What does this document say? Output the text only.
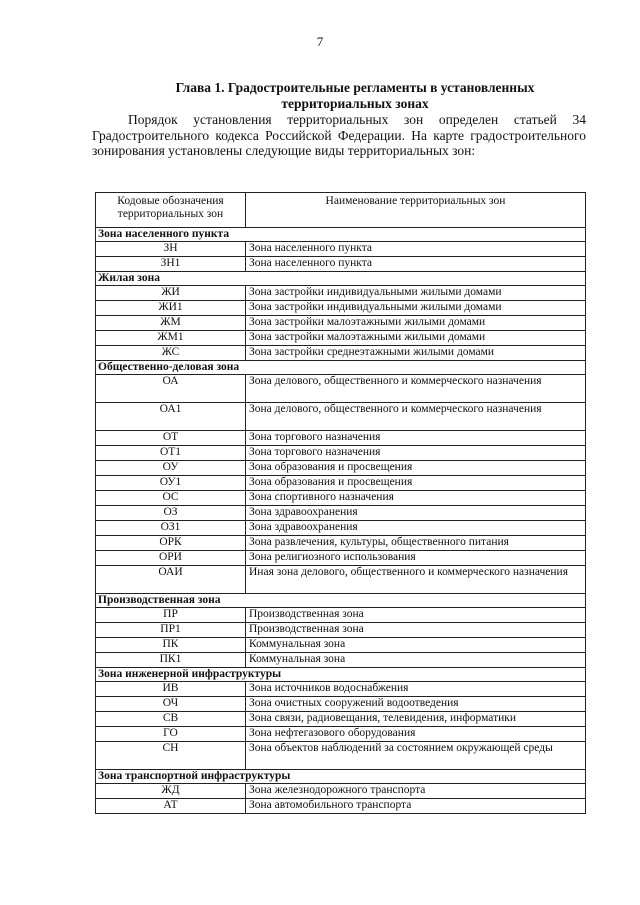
7
Глава 1. Градостроительные регламенты в установленных территориальных зонах
Порядок установления территориальных зон определен статьей 34 Градостроительного кодекса Российской Федерации. На карте градостроительного зонирования установлены следующие виды территориальных зон:
Кодовые обозначения территориальных зон	Наименование территориальных зон
Зона населенного пункта	
ЗН	Зона населенного пункта
ЗН1	Зона населенного пункта
Жилая зона	
ЖИ	Зона застройки индивидуальными жилыми домами
ЖИ1	Зона застройки индивидуальными жилыми домами
ЖМ	Зона застройки малоэтажными жилыми домами
ЖМ1	Зона застройки малоэтажными жилыми домами
ЖС	Зона застройки среднеэтажными жилыми домами
Общественно-деловая зона	
ОА	Зона делового, общественного и коммерческого назначения
ОА1	Зона делового, общественного и коммерческого назначения
ОТ	Зона торгового назначения
ОТ1	Зона торгового назначения
ОУ	Зона образования и просвещения
ОУ1	Зона образования и просвещения
ОС	Зона спортивного назначения
ОЗ	Зона здравоохранения
ОЗ1	Зона здравоохранения
ОРК	Зона развлечения, культуры, общественного питания
ОРИ	Зона религиозного использования
ОАИ	Иная зона делового, общественного и коммерческого назначения
Производственная зона	
ПР	Производственная зона
ПР1	Производственная зона
ПК	Коммунальная зона
ПК1	Коммунальная зона
Зона инженерной инфраструктуры	
ИВ	Зона источников водоснабжения
ОЧ	Зона очистных сооружений водоотведения
СВ	Зона связи, радиовещания, телевидения, информатики
ГО	Зона нефтегазового оборудования
СН	Зона объектов наблюдений за состоянием окружающей среды
Зона транспортной инфраструктуры	
ЖД	Зона железнодорожного транспорта
АТ	Зона автомобильного транспорта
